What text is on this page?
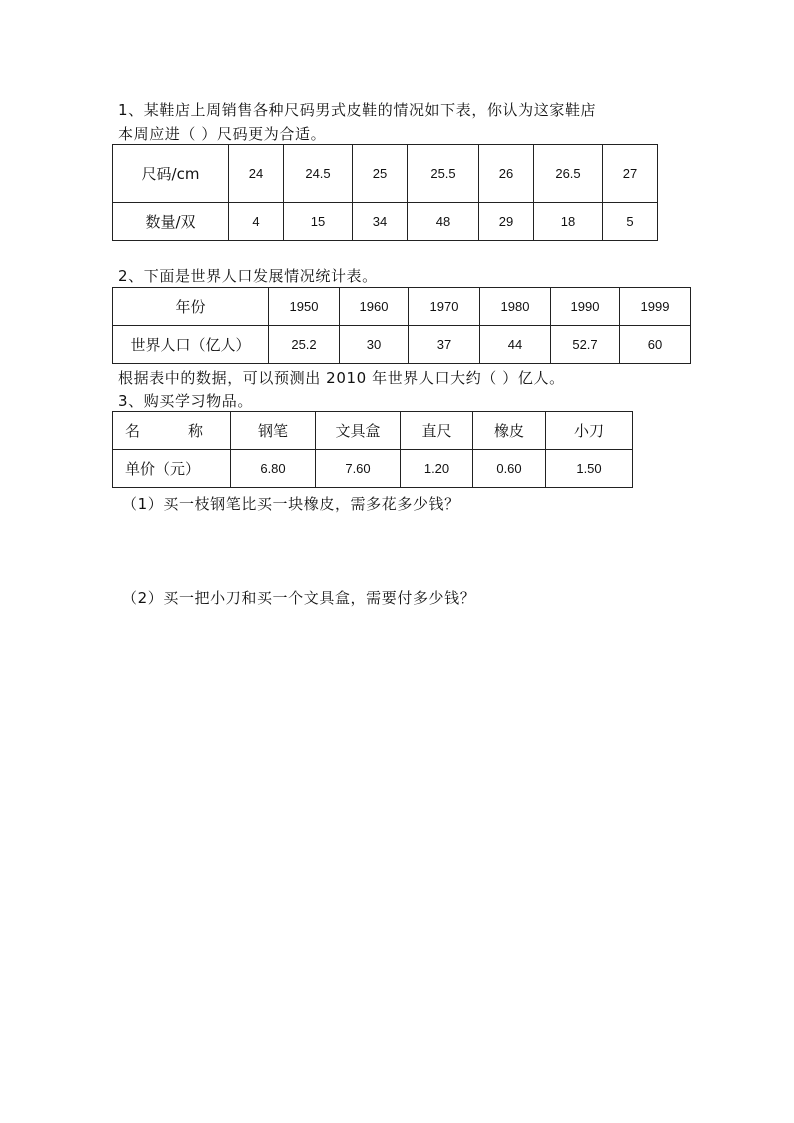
1、某鞋店上周销售各种尺码男式皮鞋的情况如下表，你认为这家鞋店
本周应进（ ）尺码更为合适。
尺码/cm	24	24.5	25	25.5	26	26.5	27
数量/双	4	15	34	48	29	18	5
2、下面是世界人口发展情况统计表。
年份	1950	1960	1970	1980	1990	1999
世界人口（亿人）	25.2	30	37	44	52.7	60
根据表中的数据，可以预测出 2010 年世界人口大约（ ）亿人。
3、购买学习物品。
名 称	钢笔	文具盒	直尺	橡皮	小刀
单价（元）	6.80	7.60	1.20	0.60	1.50
（1）买一枝钢笔比买一块橡皮，需多花多少钱？
（2）买一把小刀和买一个文具盒，需要付多少钱？
